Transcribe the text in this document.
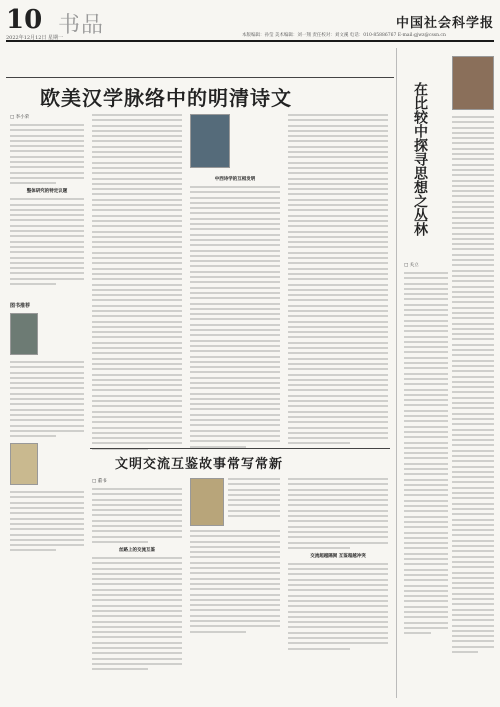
10
2022年12月12日 星期一
书品	本版编辑：孙莹 美术编辑：刘一翔 责任校对：刘文溪 电话：010-85886767 E-mail:gjwz@cssn.cn
中国社会科学报
欧美汉学脉络中的明清诗文
□ 李小荣
整体研究的特定议题
图书推荐
中西诗学的互相发明
文明交流互鉴故事常写常新
□ 董书
丝路上的交流互鉴
交流超越隔阂 互鉴超越冲突
在比较中探寻思想之丛林
□ 关立
